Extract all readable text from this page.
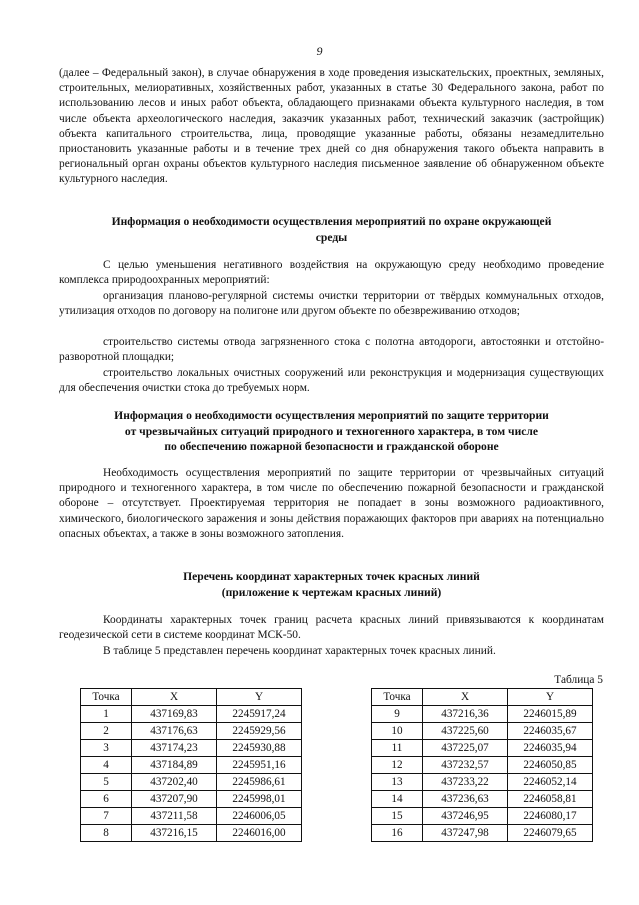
9

(далее – Федеральный закон), в случае обнаружения в ходе проведения изыскательских, проектных, земляных, строительных, мелиоративных, хозяйственных работ, указанных в статье 30 Федерального закона, работ по использованию лесов и иных работ объекта, обладающего признаками объекта культурного наследия, в том числе объекта археологического наследия, заказчик указанных работ, технический заказчик (застройщик) объекта капитального строительства, лица, проводящие указанные работы, обязаны незамедлительно приостановить указанные работы и в течение трех дней со дня обнаружения такого объекта направить в региональный орган охраны объектов культурного наследия письменное заявление об обнаруженном объекте культурного наследия.

Информация о необходимости осуществления мероприятий по охране окружающей
среды

С целью уменьшения негативного воздействия на окружающую среду необходимо проведение комплекса природоохранных мероприятий:

организация планово-регулярной системы очистки территории от твёрдых коммунальных отходов, утилизация отходов по договору на полигоне или другом объекте по обезвреживанию отходов;

строительство системы отвода загрязненного стока с полотна автодороги, автостоянки и отстойно-разворотной площадки;

строительство локальных очистных сооружений или реконструкция и модернизация существующих для обеспечения очистки стока до требуемых норм.

Информация о необходимости осуществления мероприятий по защите территории
от чрезвычайных ситуаций природного и техногенного характера, в том числе
по обеспечению пожарной безопасности и гражданской обороне

Необходимость осуществления мероприятий по защите территории от чрезвычайных ситуаций природного и техногенного характера, в том числе по обеспечению пожарной безопасности и гражданской обороне – отсутствует. Проектируемая территория не попадает в зоны возможного радиоактивного, химического, биологического заражения и зоны действия поражающих факторов при авариях на потенциально опасных объектах, а также в зоны возможного затопления.

Перечень координат характерных точек красных линий
(приложение к чертежам красных линий)

Координаты характерных точек границ расчета красных линий привязываются к координатам геодезической сети в системе координат МСК-50.

В таблице 5 представлен перечень координат характерных точек красных линий.

Таблица 5
Точка	X	Y
1	437169,83	2245917,24
2	437176,63	2245929,56
3	437174,23	2245930,88
4	437184,89	2245951,16
5	437202,40	2245986,61
6	437207,90	2245998,01
7	437211,58	2246006,05
8	437216,15	2246016,00
Точка	X	Y
9	437216,36	2246015,89
10	437225,60	2246035,67
11	437225,07	2246035,94
12	437232,57	2246050,85
13	437233,22	2246052,14
14	437236,63	2246058,81
15	437246,95	2246080,17
16	437247,98	2246079,65
